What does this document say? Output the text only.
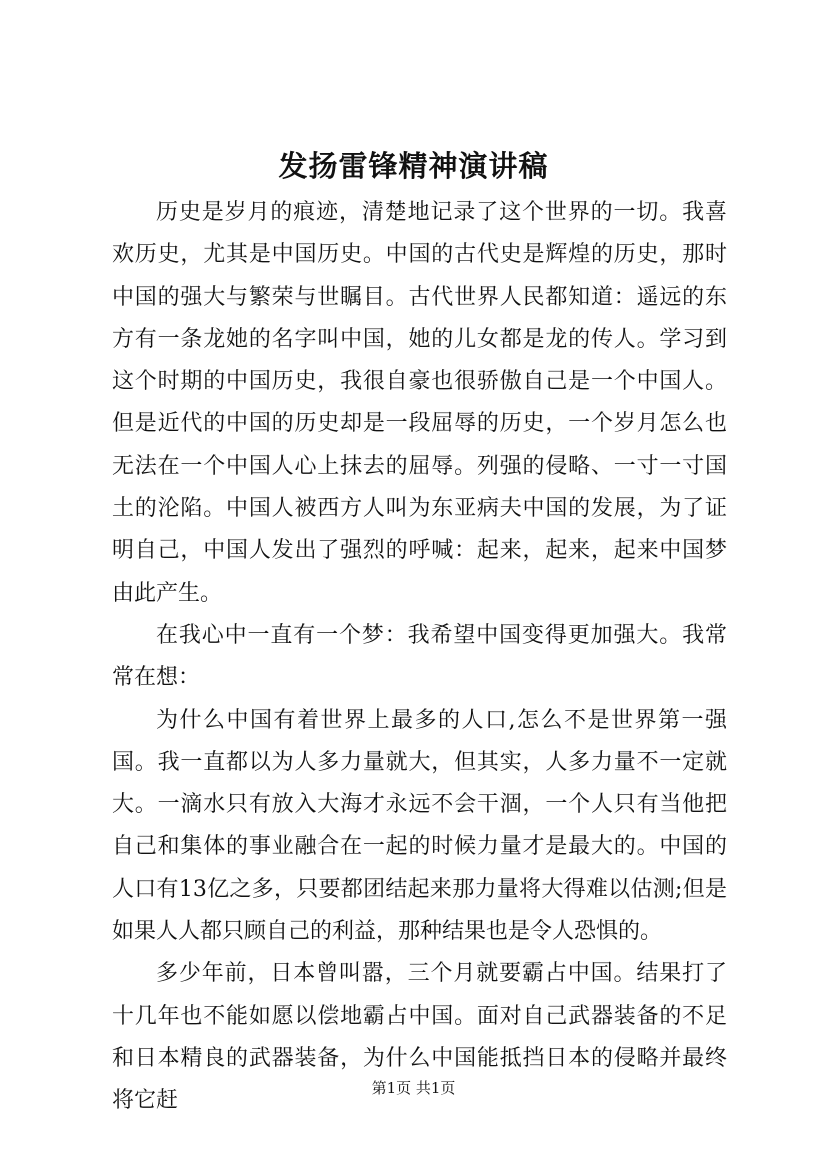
发扬雷锋精神演讲稿

历史是岁月的痕迹，清楚地记录了这个世界的一切。我喜欢历史，尤其是中国历史。中国的古代史是辉煌的历史，那时中国的强大与繁荣与世瞩目。古代世界人民都知道：遥远的东方有一条龙她的名字叫中国，她的儿女都是龙的传人。学习到这个时期的中国历史，我很自豪也很骄傲自己是一个中国人。但是近代的中国的历史却是一段屈辱的历史，一个岁月怎么也无法在一个中国人心上抹去的屈辱。列强的侵略、一寸一寸国土的沦陷。中国人被西方人叫为东亚病夫中国的发展，为了证明自己，中国人发出了强烈的呼喊：起来，起来，起来中国梦由此产生。

在我心中一直有一个梦：我希望中国变得更加强大。我常常在想：

为什么中国有着世界上最多的人口,怎么不是世界第一强国。我一直都以为人多力量就大，但其实，人多力量不一定就大。一滴水只有放入大海才永远不会干涸，一个人只有当他把自己和集体的事业融合在一起的时候力量才是最大的。中国的人口有13亿之多，只要都团结起来那力量将大得难以估测;但是如果人人都只顾自己的利益，那种结果也是令人恐惧的。

多少年前，日本曾叫嚣，三个月就要霸占中国。结果打了十几年也不能如愿以偿地霸占中国。面对自己武器装备的不足和日本精良的武器装备，为什么中国能抵挡日本的侵略并最终将它赶

第1页 共1页
